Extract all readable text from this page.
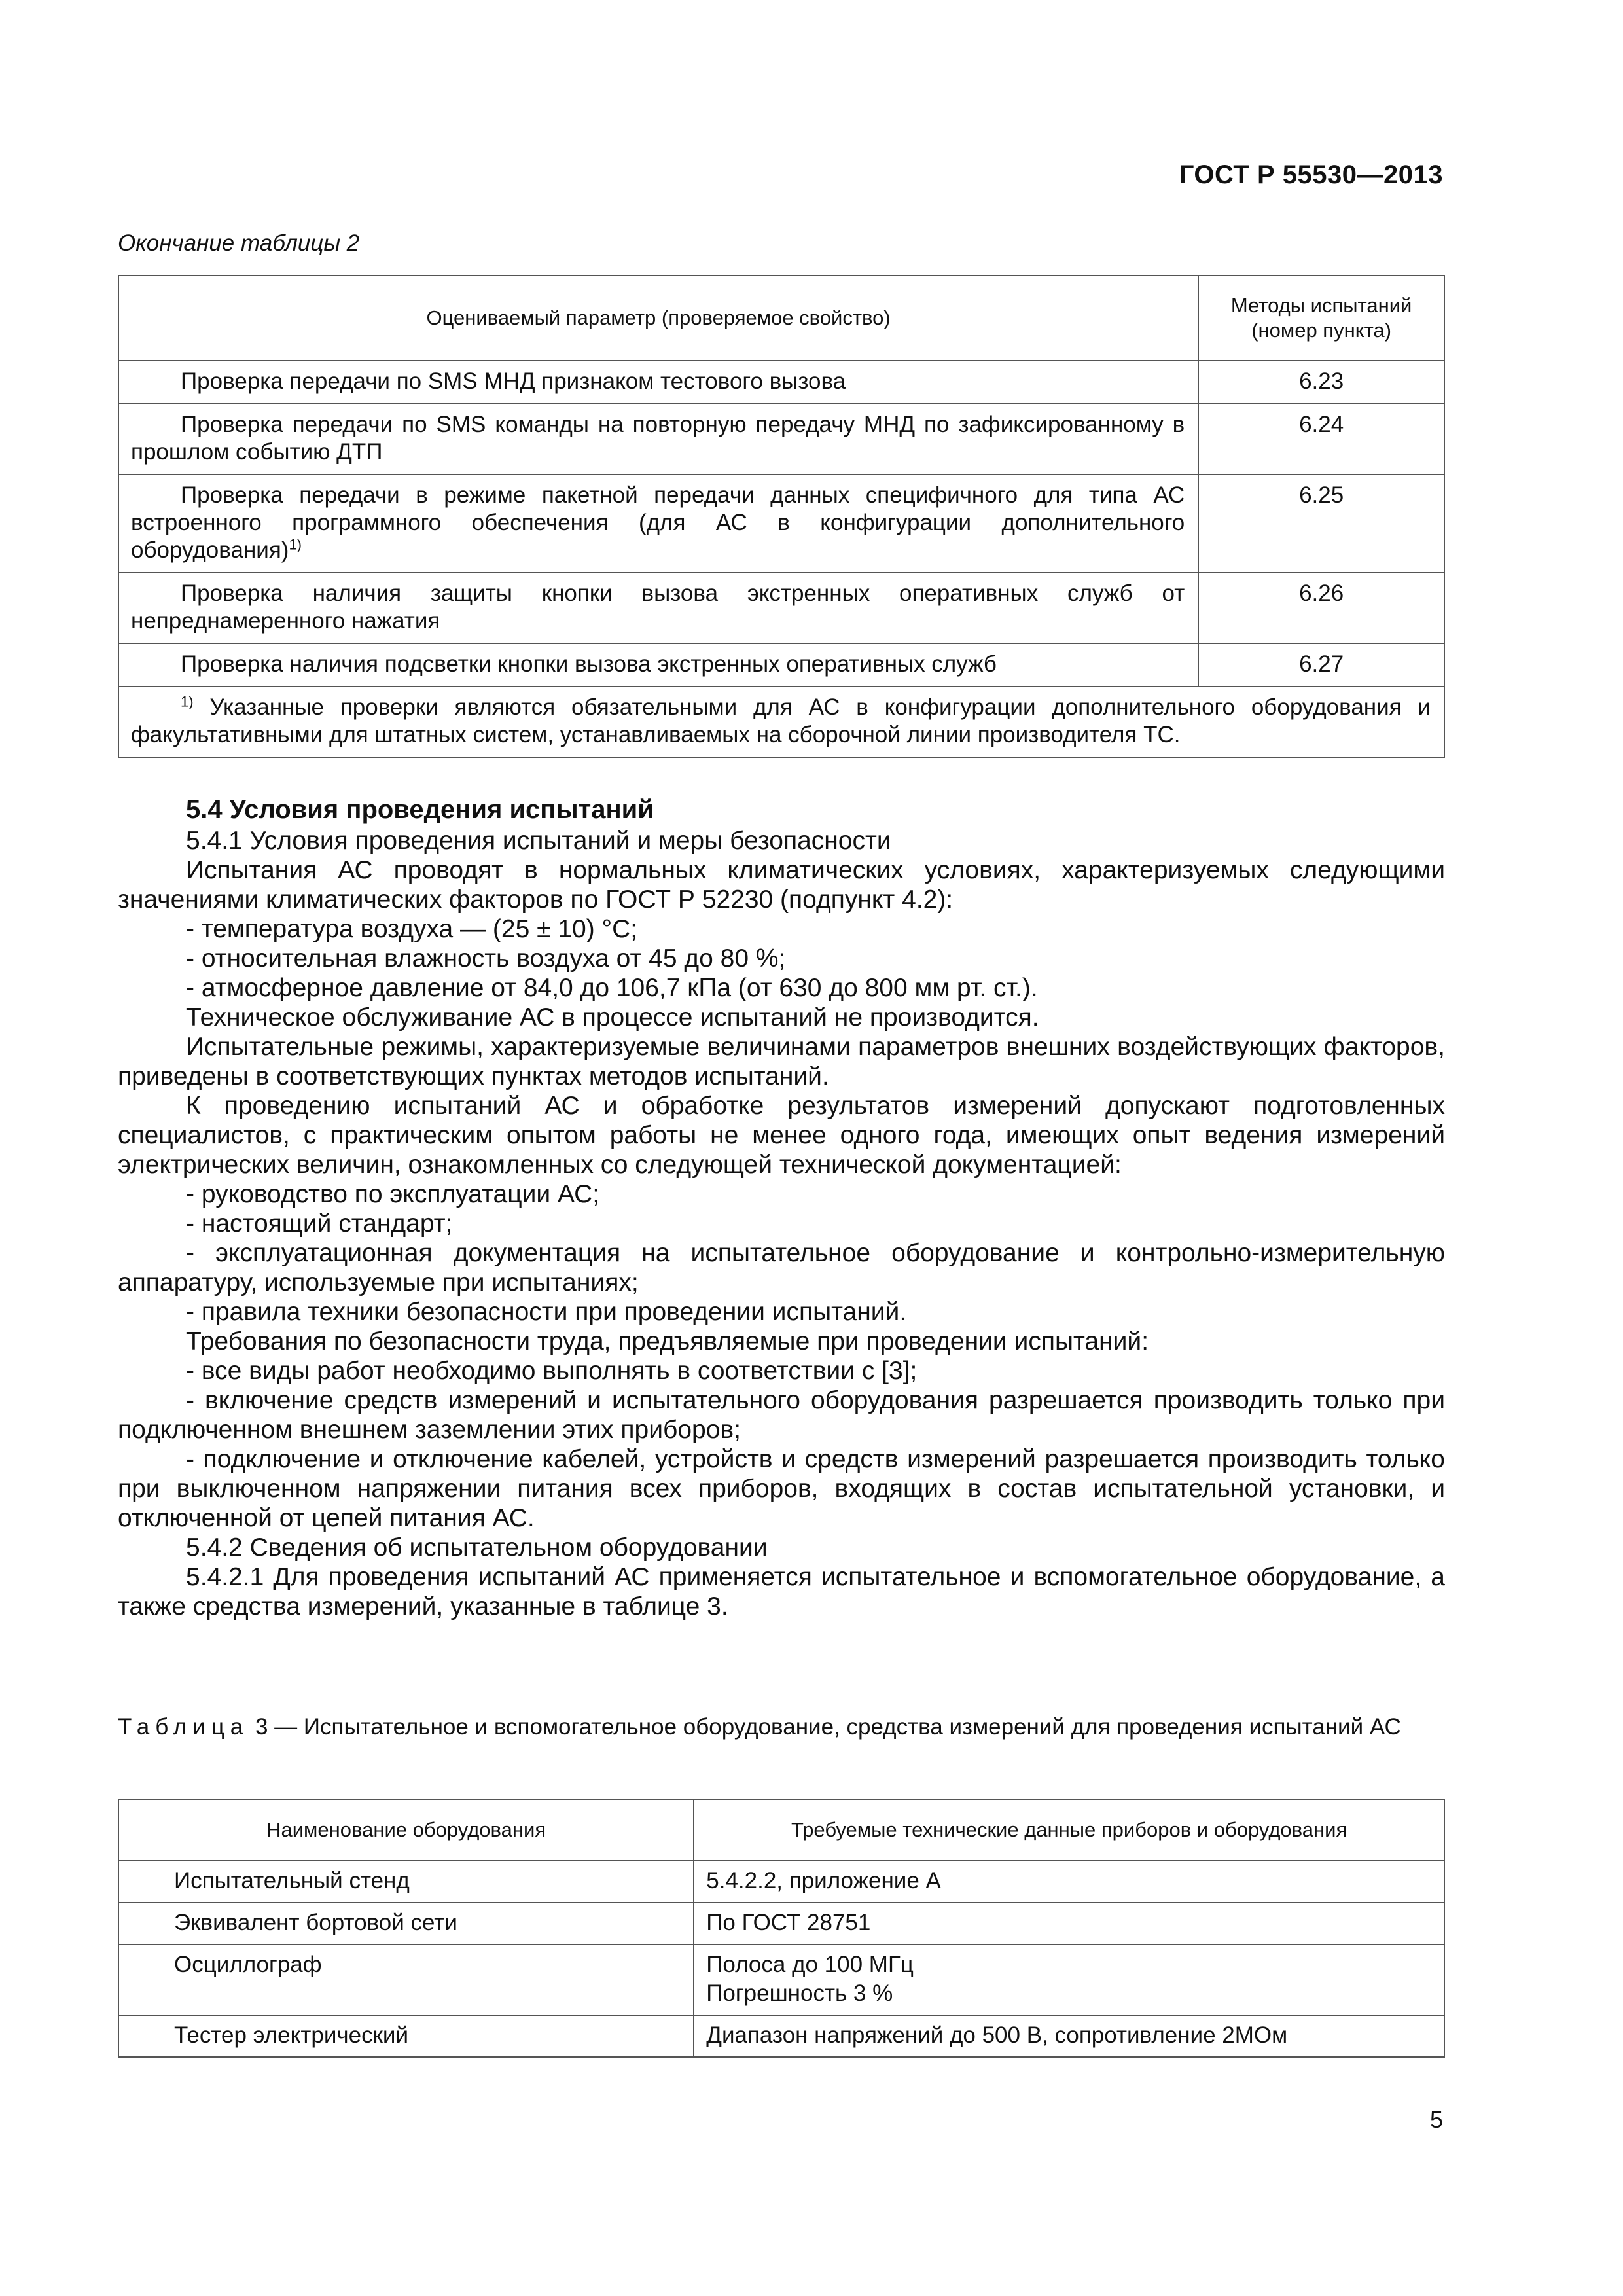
ГОСТ Р 55530—2013
Окончание таблицы 2
Оцениваемый параметр (проверяемое свойство)	Методы испытаний (номер пункта)
Проверка передачи по SMS МНД признаком тестового вызова	6.23
Проверка передачи по SMS команды на повторную передачу МНД по зафиксированному в прошлом событию ДТП	6.24
Проверка передачи в режиме пакетной передачи данных специфичного для типа АС встроенного программного обеспечения (для АС в конфигурации дополнительного оборудования)$^{1)}$	6.25
Проверка наличия защиты кнопки вызова экстренных оперативных служб от непреднамеренного нажатия	6.26
Проверка наличия подсветки кнопки вызова экстренных оперативных служб	6.27
$^{1)}$ Указанные проверки являются обязательными для АС в конфигурации дополнительного оборудования и факультативными для штатных систем, устанавливаемых на сборочной линии производителя ТС.	
5.4 Условия проведения испытаний

5.4.1 Условия проведения испытаний и меры безопасности

Испытания АС проводят в нормальных климатических условиях, характеризуемых следующими значениями климатических факторов по ГОСТ Р 52230 (подпункт 4.2):

- температура воздуха — (25 ± 10) °С;

- относительная влажность воздуха от 45 до 80 %;

- атмосферное давление от 84,0 до 106,7 кПа (от 630 до 800 мм рт. ст.).

Техническое обслуживание АС в процессе испытаний не производится.

Испытательные режимы, характеризуемые величинами параметров внешних воздействующих факторов, приведены в соответствующих пунктах методов испытаний.

К проведению испытаний АС и обработке результатов измерений допускают подготовленных специалистов, с практическим опытом работы не менее одного года, имеющих опыт ведения измерений электрических величин, ознакомленных со следующей технической документацией:

- руководство по эксплуатации АС;

- настоящий стандарт;

- эксплуатационная документация на испытательное оборудование и контрольно-измерительную аппаратуру, используемые при испытаниях;

- правила техники безопасности при проведении испытаний.

Требования по безопасности труда, предъявляемые при проведении испытаний:

- все виды работ необходимо выполнять в соответствии с [3];

- включение средств измерений и испытательного оборудования разрешается производить только при подключенном внешнем заземлении этих приборов;

- подключение и отключение кабелей, устройств и средств измерений разрешается производить только при выключенном напряжении питания всех приборов, входящих в состав испытательной установки, и отключенной от цепей питания АС.

5.4.2 Сведения об испытательном оборудовании

5.4.2.1 Для проведения испытаний АС применяется испытательное и вспомогательное оборудование, а также средства измерений, указанные в таблице 3.

Таблица 3 — Испытательное и вспомогательное оборудование, средства измерений для проведения испытаний АС
Наименование оборудования	Требуемые технические данные приборов и оборудования
Испытательный стенд	5.4.2.2, приложение А

Эквивалент бортовой сети	По ГОСТ 28751

Осциллограф	Полоса до 100 МГц
Погрешность 3 %

Тестер электрический	Диапазон напряжений до 500 В, сопротивление 2МОм
5
